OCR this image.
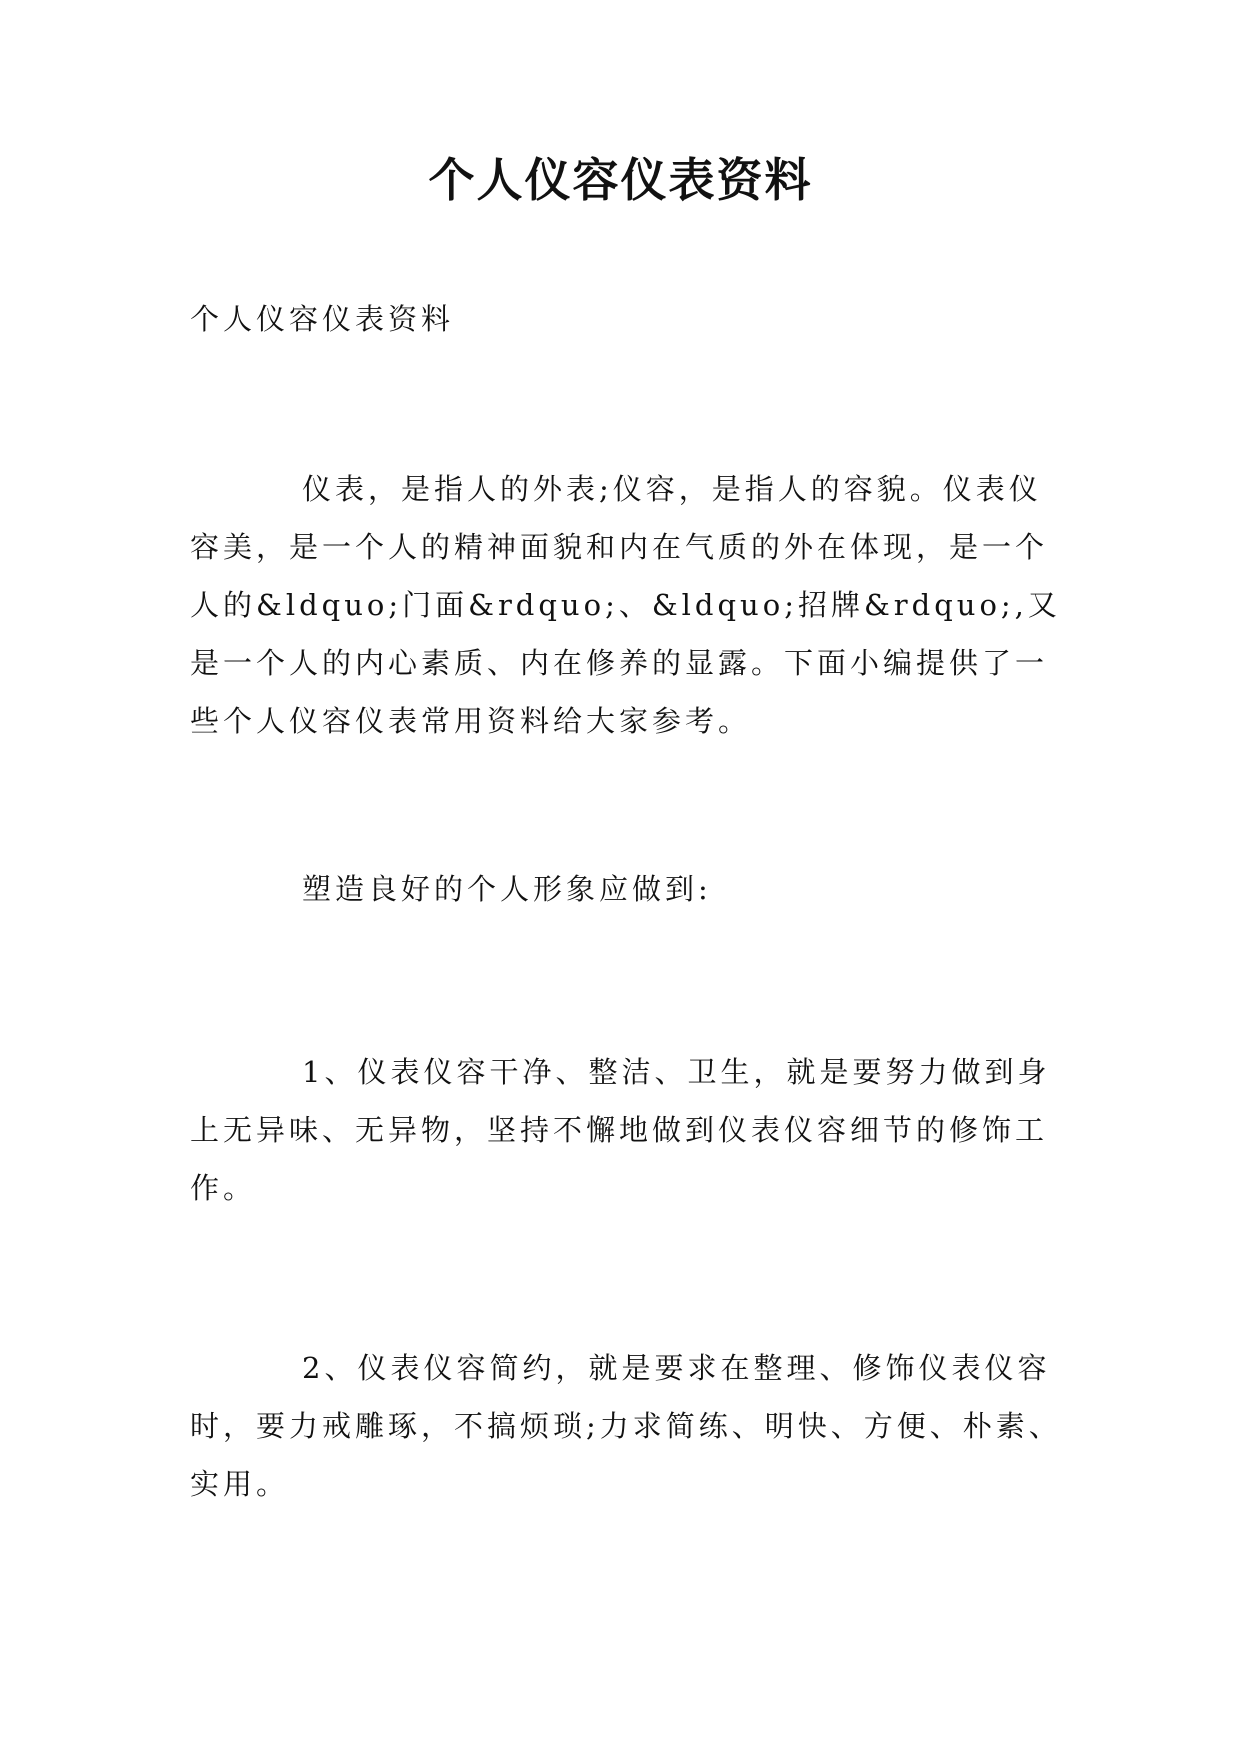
个人仪容仪表资料

个人仪容仪表资料

仪表，是指人的外表;仪容，是指人的容貌。仪表仪容美，是一个人的精神面貌和内在气质的外在体现，是一个人的&ldquo;门面&rdquo;、&ldquo;招牌&rdquo;,又是一个人的内心素质、内在修养的显露。下面小编提供了一些个人仪容仪表常用资料给大家参考。

塑造良好的个人形象应做到:

1、仪表仪容干净、整洁、卫生，就是要努力做到身上无异味、无异物，坚持不懈地做到仪表仪容细节的修饰工作。

2、仪表仪容简约，就是要求在整理、修饰仪表仪容时，要力戒雕琢，不搞烦琐;力求简练、明快、方便、朴素、实用。
